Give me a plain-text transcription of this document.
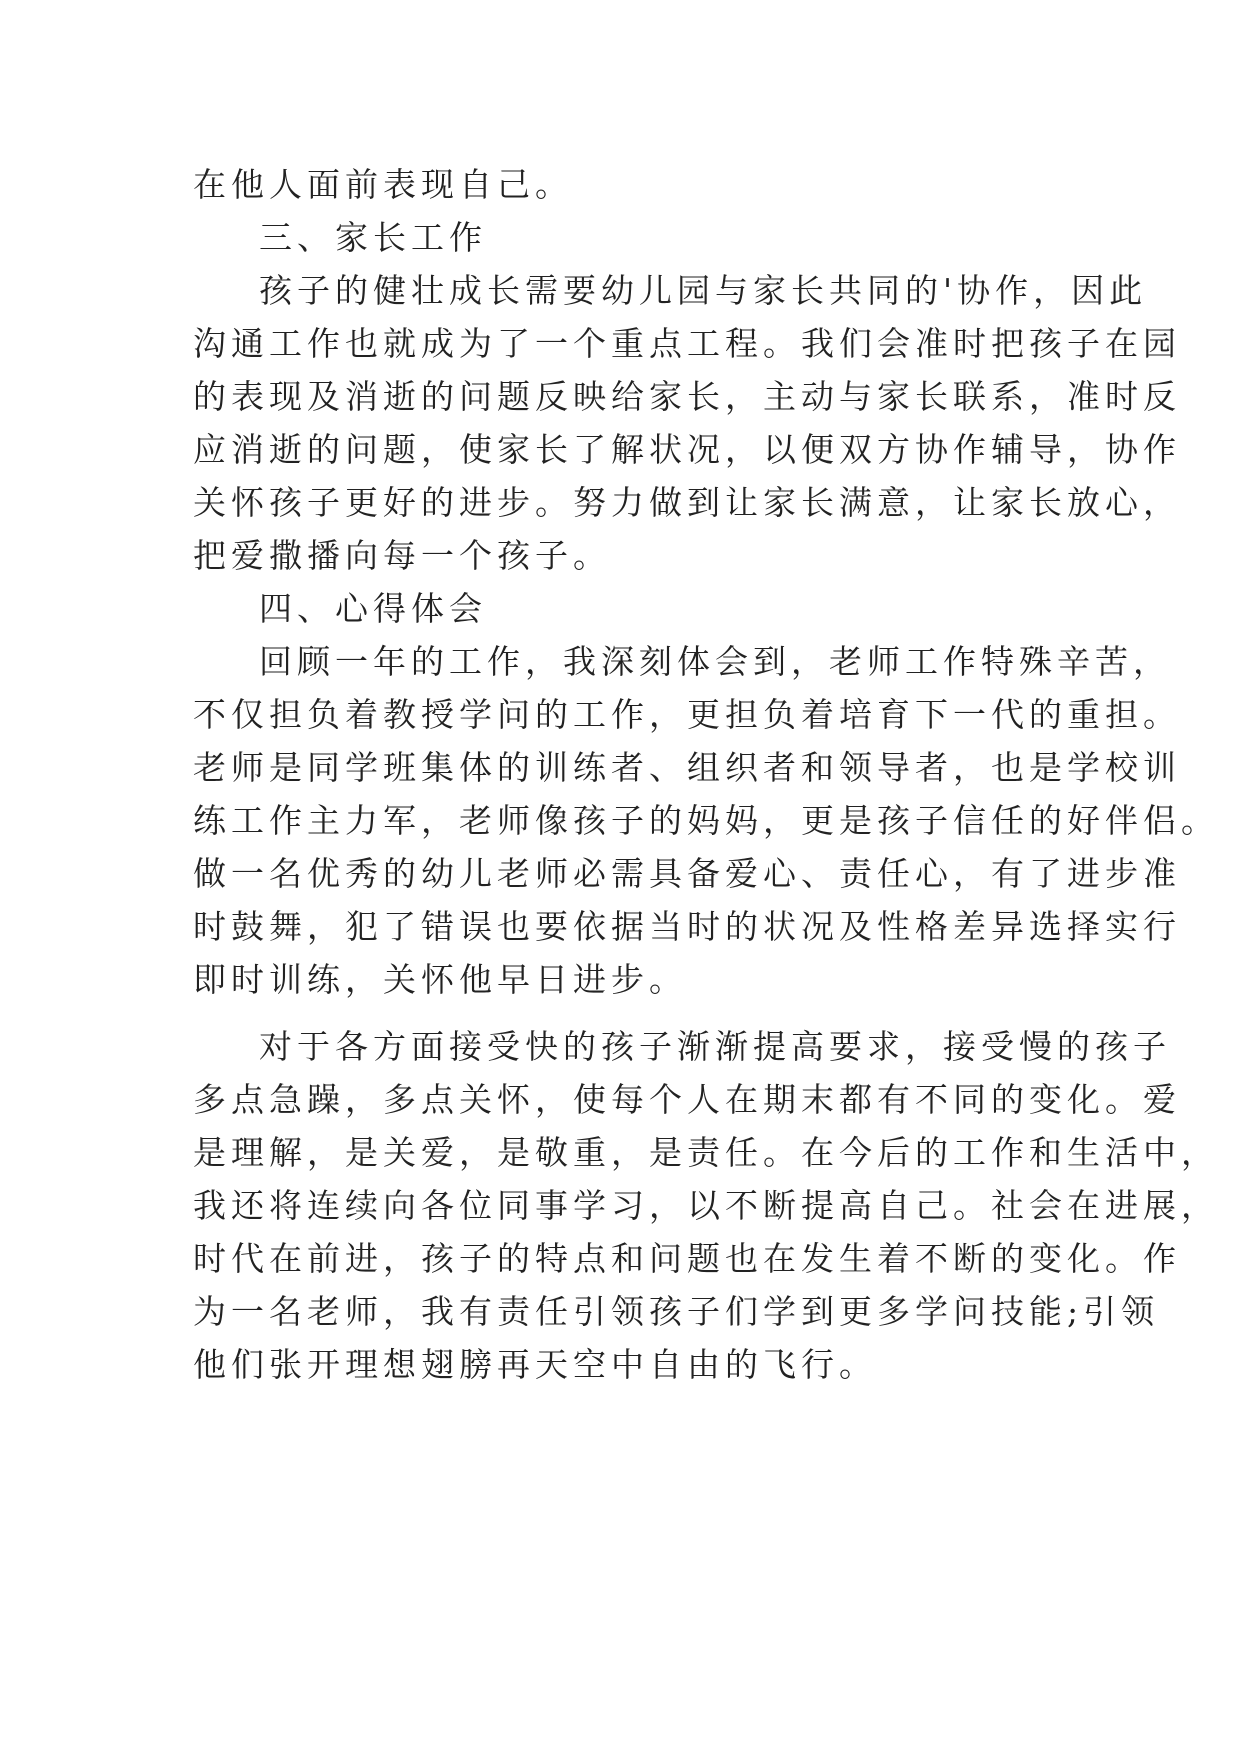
在他人面前表现自己。
三、家长工作
孩子的健壮成长需要幼儿园与家长共同的'协作，因此
沟通工作也就成为了一个重点工程。我们会准时把孩子在园
的表现及消逝的问题反映给家长，主动与家长联系，准时反
应消逝的问题，使家长了解状况，以便双方协作辅导，协作
关怀孩子更好的进步。努力做到让家长满意，让家长放心，
把爱撒播向每一个孩子。
四、心得体会
回顾一年的工作，我深刻体会到，老师工作特殊辛苦，
不仅担负着教授学问的工作，更担负着培育下一代的重担。
老师是同学班集体的训练者、组织者和领导者，也是学校训
练工作主力军，老师像孩子的妈妈，更是孩子信任的好伴侣。
做一名优秀的幼儿老师必需具备爱心、责任心，有了进步准
时鼓舞，犯了错误也要依据当时的状况及性格差异选择实行
即时训练，关怀他早日进步。
对于各方面接受快的孩子渐渐提高要求，接受慢的孩子
多点急躁，多点关怀，使每个人在期末都有不同的变化。爱
是理解，是关爱，是敬重，是责任。在今后的工作和生活中，
我还将连续向各位同事学习，以不断提高自己。社会在进展，
时代在前进，孩子的特点和问题也在发生着不断的变化。作
为一名老师，我有责任引领孩子们学到更多学问技能;引领
他们张开理想翅膀再天空中自由的飞行。
